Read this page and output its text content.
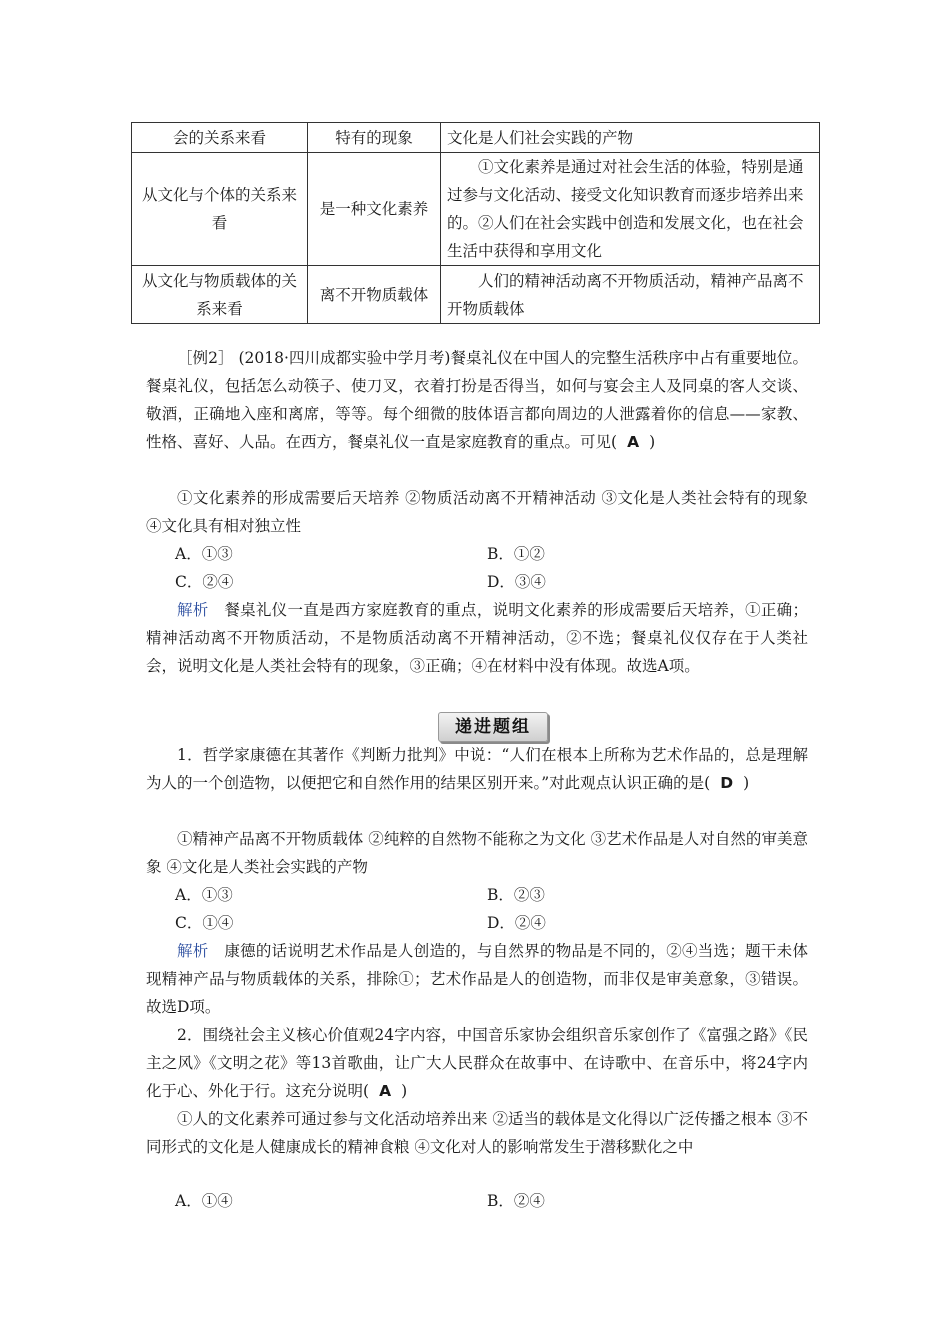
会的关系来看	特有的现象	文化是人们社会实践的产物
从文化与个体的关系来看	是一种文化素养	①文化素养是通过对社会生活的体验，特别是通过参与文化活动、接受文化知识教育而逐步培养出来的。②人们在社会实践中创造和发展文化，也在社会生活中获得和享用文化
从文化与物质载体的关系来看	离不开物质载体	人们的精神活动离不开物质活动，精神产品离不开物质载体

［例2］ (2018·四川成都实验中学月考)餐桌礼仪在中国人的完整生活秩序中占有重要地位。餐桌礼仪，包括怎么动筷子、使刀叉，衣着打扮是否得当，如何与宴会主人及同桌的客人交谈、敬酒，正确地入座和离席，等等。每个细微的肢体语言都向周边的人泄露着你的信息——家教、性格、喜好、人品。在西方，餐桌礼仪一直是家庭教育的重点。可见( A )

①文化素养的形成需要后天培养 ②物质活动离不开精神活动 ③文化是人类社会特有的现象 ④文化具有相对独立性

A．①③	B．①②
C．②④	D．③④

解析　 餐桌礼仪一直是西方家庭教育的重点，说明文化素养的形成需要后天培养，①正确；精神活动离不开物质活动，不是物质活动离不开精神活动，②不选；餐桌礼仪仅存在于人类社会，说明文化是人类社会特有的现象，③正确；④在材料中没有体现。故选A项。

递进题组

1．哲学家康德在其著作《判断力批判》中说：“人们在根本上所称为艺术作品的，总是理解为人的一个创造物，以便把它和自然作用的结果区别开来。”对此观点认识正确的是( D )

①精神产品离不开物质载体 ②纯粹的自然物不能称之为文化 ③艺术作品是人对自然的审美意象 ④文化是人类社会实践的产物

A．①③	B．②③
C．①④	D．②④

解析　 康德的话说明艺术作品是人创造的，与自然界的物品是不同的，②④当选；题干未体现精神产品与物质载体的关系，排除①；艺术作品是人的创造物，而非仅是审美意象，③错误。故选D项。

2．围绕社会主义核心价值观24字内容，中国音乐家协会组织音乐家创作了《富强之路》《民主之风》《文明之花》等13首歌曲，让广大人民群众在故事中、在诗歌中、在音乐中，将24字内化于心、外化于行。这充分说明( A )

①人的文化素养可通过参与文化活动培养出来 ②适当的载体是文化得以广泛传播之根本 ③不同形式的文化是人健康成长的精神食粮 ④文化对人的影响常发生于潜移默化之中

A．①④	B．②④
